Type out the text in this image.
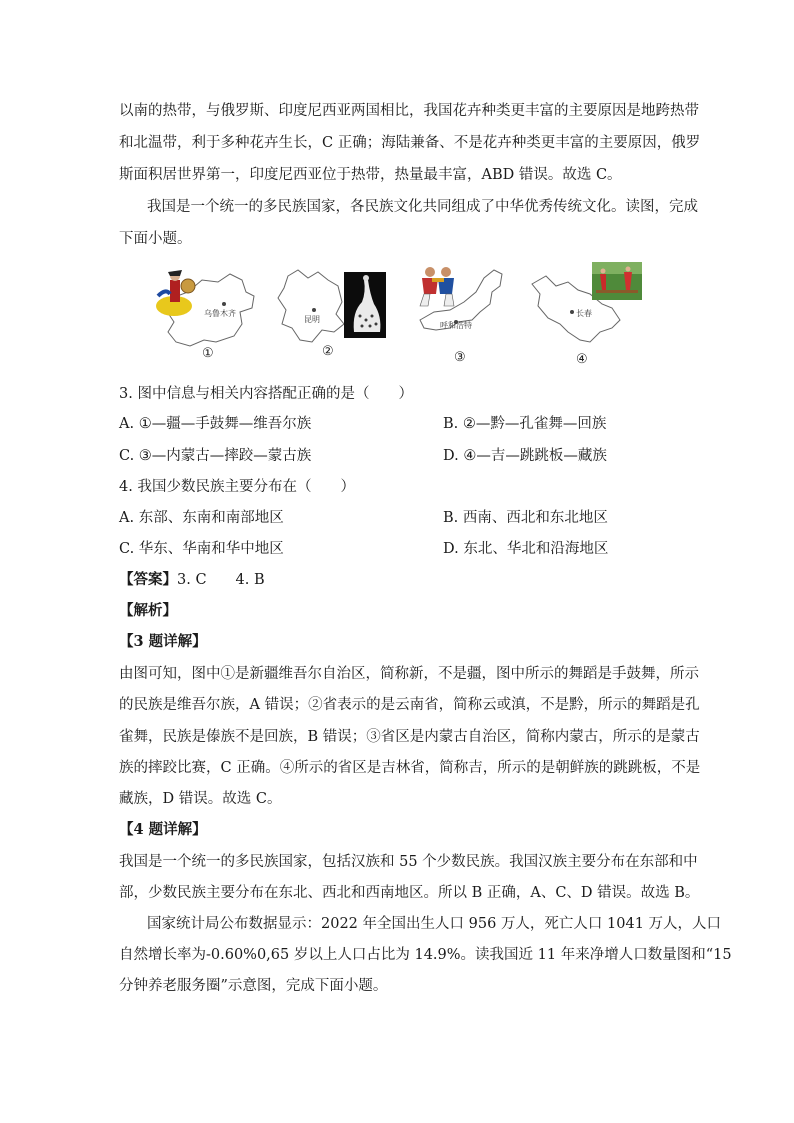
以南的热带，与俄罗斯、印度尼西亚两国相比，我国花卉种类更丰富的主要原因是地跨热带
和北温带，利于多种花卉生长，C 正确；海陆兼备、不是花卉种类更丰富的主要原因，俄罗
斯面积居世界第一，印度尼西亚位于热带，热量最丰富，ABD 错误。故选 C。
我国是一个统一的多民族国家，各民族文化共同组成了中华优秀传统文化。读图，完成
下面小题。
乌鲁木齐
①
昆明
②
呼和浩特
③
长春
④
3. 图中信息与相关内容搭配正确的是（　　）
A. ①—疆—手鼓舞—维吾尔族	B. ②—黔—孔雀舞—回族
C. ③—内蒙古—摔跤—蒙古族	D. ④—吉—跳跳板—藏族
4. 我国少数民族主要分布在（　　）
A. 东部、东南和南部地区	B. 西南、西北和东北地区
C. 华东、华南和华中地区	D. 东北、华北和沿海地区
【答案】3. C　　4. B
【解析】
【3 题详解】
由图可知，图中①是新疆维吾尔自治区，简称新，不是疆，图中所示的舞蹈是手鼓舞，所示
的民族是维吾尔族，A 错误；②省表示的是云南省，简称云或滇，不是黔，所示的舞蹈是孔
雀舞，民族是傣族不是回族，B 错误；③省区是内蒙古自治区，简称内蒙古，所示的是蒙古
族的摔跤比赛，C 正确。④所示的省区是吉林省，简称吉，所示的是朝鲜族的跳跳板，不是
藏族，D 错误。故选 C。
【4 题详解】
我国是一个统一的多民族国家，包括汉族和 55 个少数民族。我国汉族主要分布在东部和中
部，少数民族主要分布在东北、西北和西南地区。所以 B 正确，A、C、D 错误。故选 B。
国家统计局公布数据显示：2022 年全国出生人口 956 万人，死亡人口 1041 万人，人口
自然增长率为-0.60%0,65 岁以上人口占比为 14.9%。读我国近 11 年来净增人口数量图和“15
分钟养老服务圈”示意图，完成下面小题。
